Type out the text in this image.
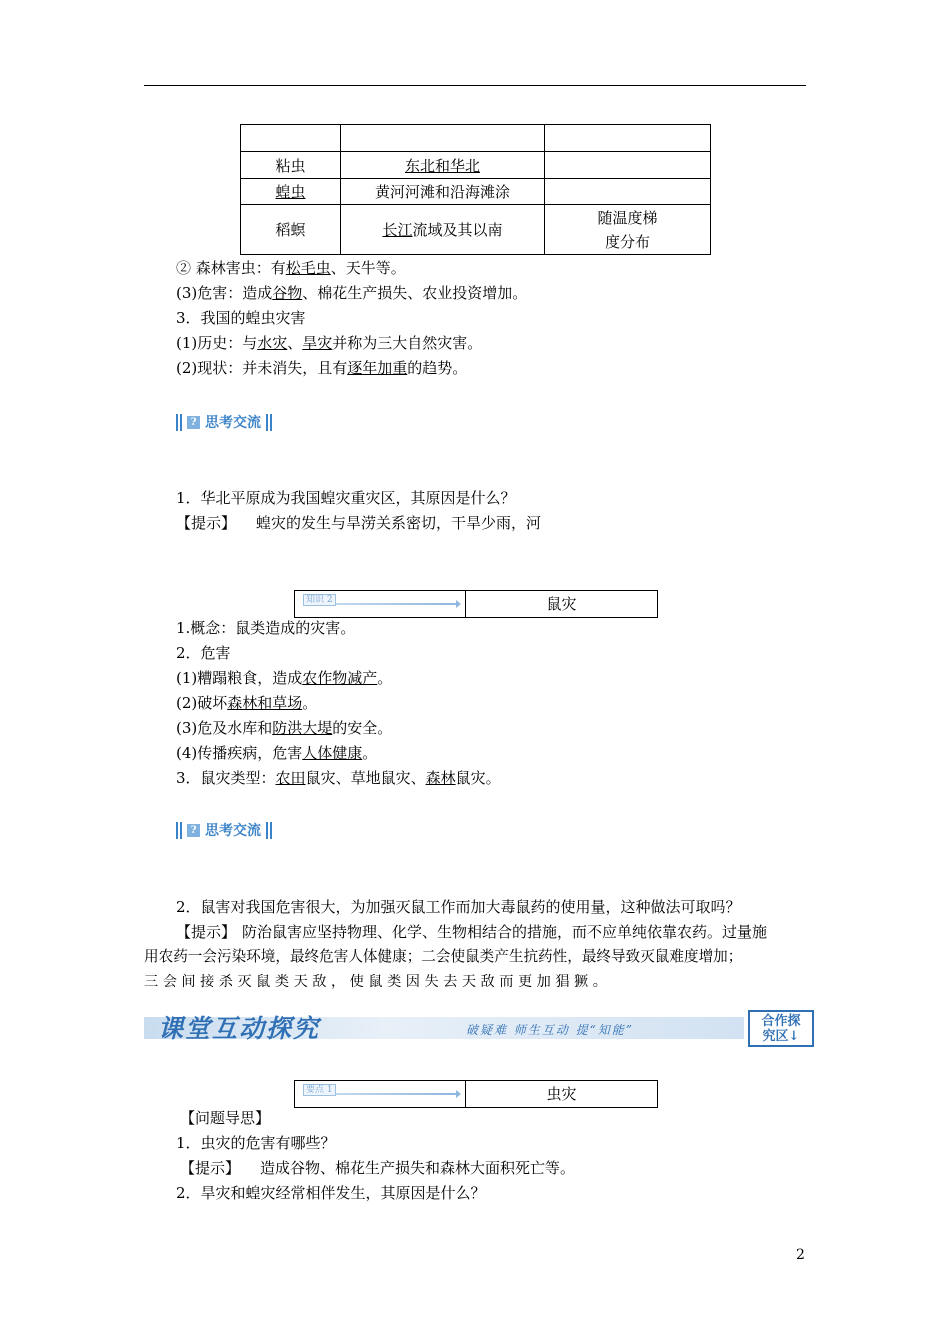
粘虫	东北和华北	
蝗虫	黄河河滩和沿海滩涂	
稻螟	长江流域及其以南	随温度梯
度分布
② 森林害虫：有松毛虫、天牛等。
(3)危害：造成谷物、棉花生产损失、农业投资增加。
3．我国的蝗虫灾害
(1)历史：与水灾、旱灾并称为三大自然灾害。
(2)现状：并未消失，且有逐年加重的趋势。
? 思考交流
1．华北平原成为我国蝗灾重灾区，其原因是什么？
【提示】 蝗灾的发生与旱涝关系密切，干旱少雨，河
知识 2	鼠灾
1.概念：鼠类造成的灾害。
2．危害
(1)糟蹋粮食，造成农作物减产。
(2)破坏森林和草场。
(3)危及水库和防洪大堤的安全。
(4)传播疾病，危害人体健康。
3．鼠灾类型：农田鼠灾、草地鼠灾、森林鼠灾。
? 思考交流
2．鼠害对我国危害很大，为加强灭鼠工作而加大毒鼠药的使用量，这种做法可取吗？
【提示】 防治鼠害应坚持物理、化学、生物相结合的措施，而不应单纯依靠农药。过量施
用农药一会污染环境，最终危害人体健康；二会使鼠类产生抗药性，最终导致灭鼠难度增加；
三 会 间 接 杀 灭 鼠 类 天 敌 ， 使 鼠 类 因 失 去 天 敌 而 更 加 猖 獗 。
课堂互动探究	破疑难 师生互动 提“知能”
合作探
究区↓
要点 1	虫灾
【问题导思】
1．虫灾的危害有哪些？
【提示】 造成谷物、棉花生产损失和森林大面积死亡等。
2．旱灾和蝗灾经常相伴发生，其原因是什么？
2
